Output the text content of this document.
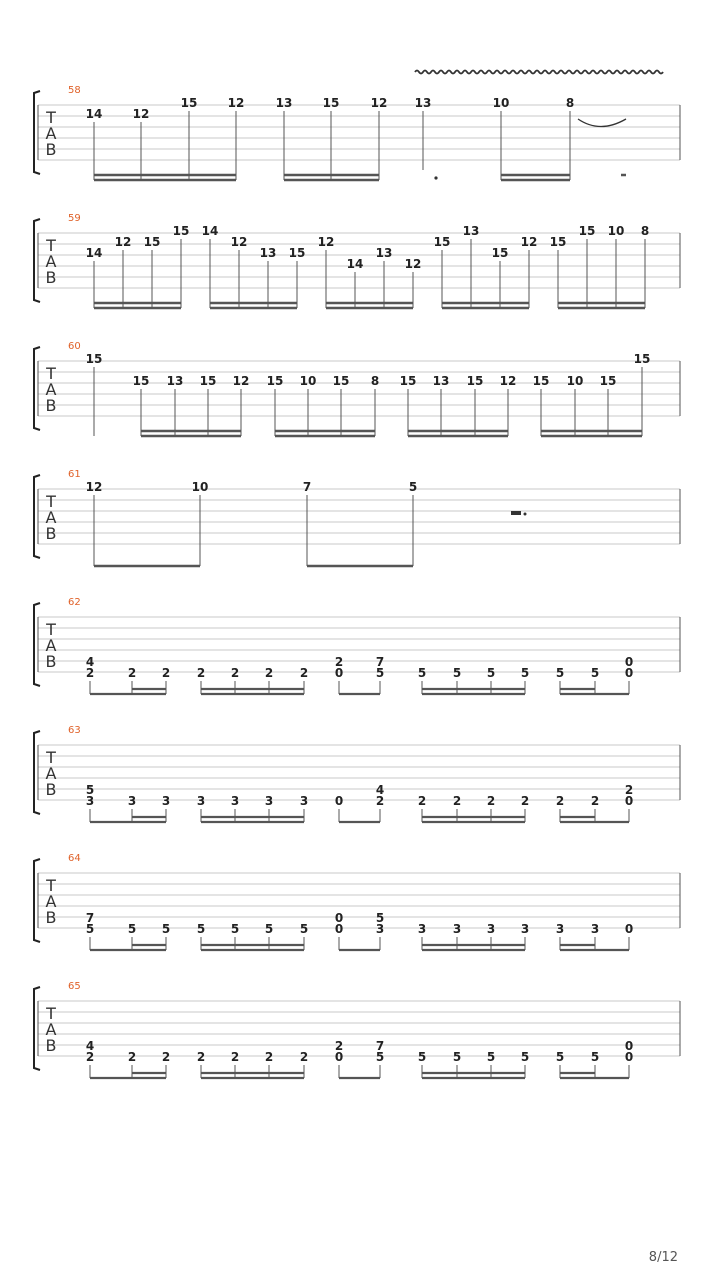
T
A
B
58
14	12
15	12	13	15	12 13	10	8
T
A
B
59
14
12 15
15 14
12
13 15
12
14
13
12
15
13
15
12 15
15 10 8
T
A
B
60
15
15 13 15 12 15 10 15 8 15 13 15 12 15 10 15
15
T
A
B
61
12	10	7	5
T
A
B
62
4
2	2 2 2 2 2 2
2
0
7
5	5 5 5 5 5 5
0
0
T
A
B
63
5
3	3 3 3 3 3 3 0
4
2	2 2 2 2 2 2
2
0
T
A
B
64
7
5	5 5 5 5 5 5
0
0
5
3	3 3 3 3 3 3 0
T
A
B
65
4
2	2 2 2 2 2 2
2
0
7
5	5 5 5 5 5 5
0
0
8/12
